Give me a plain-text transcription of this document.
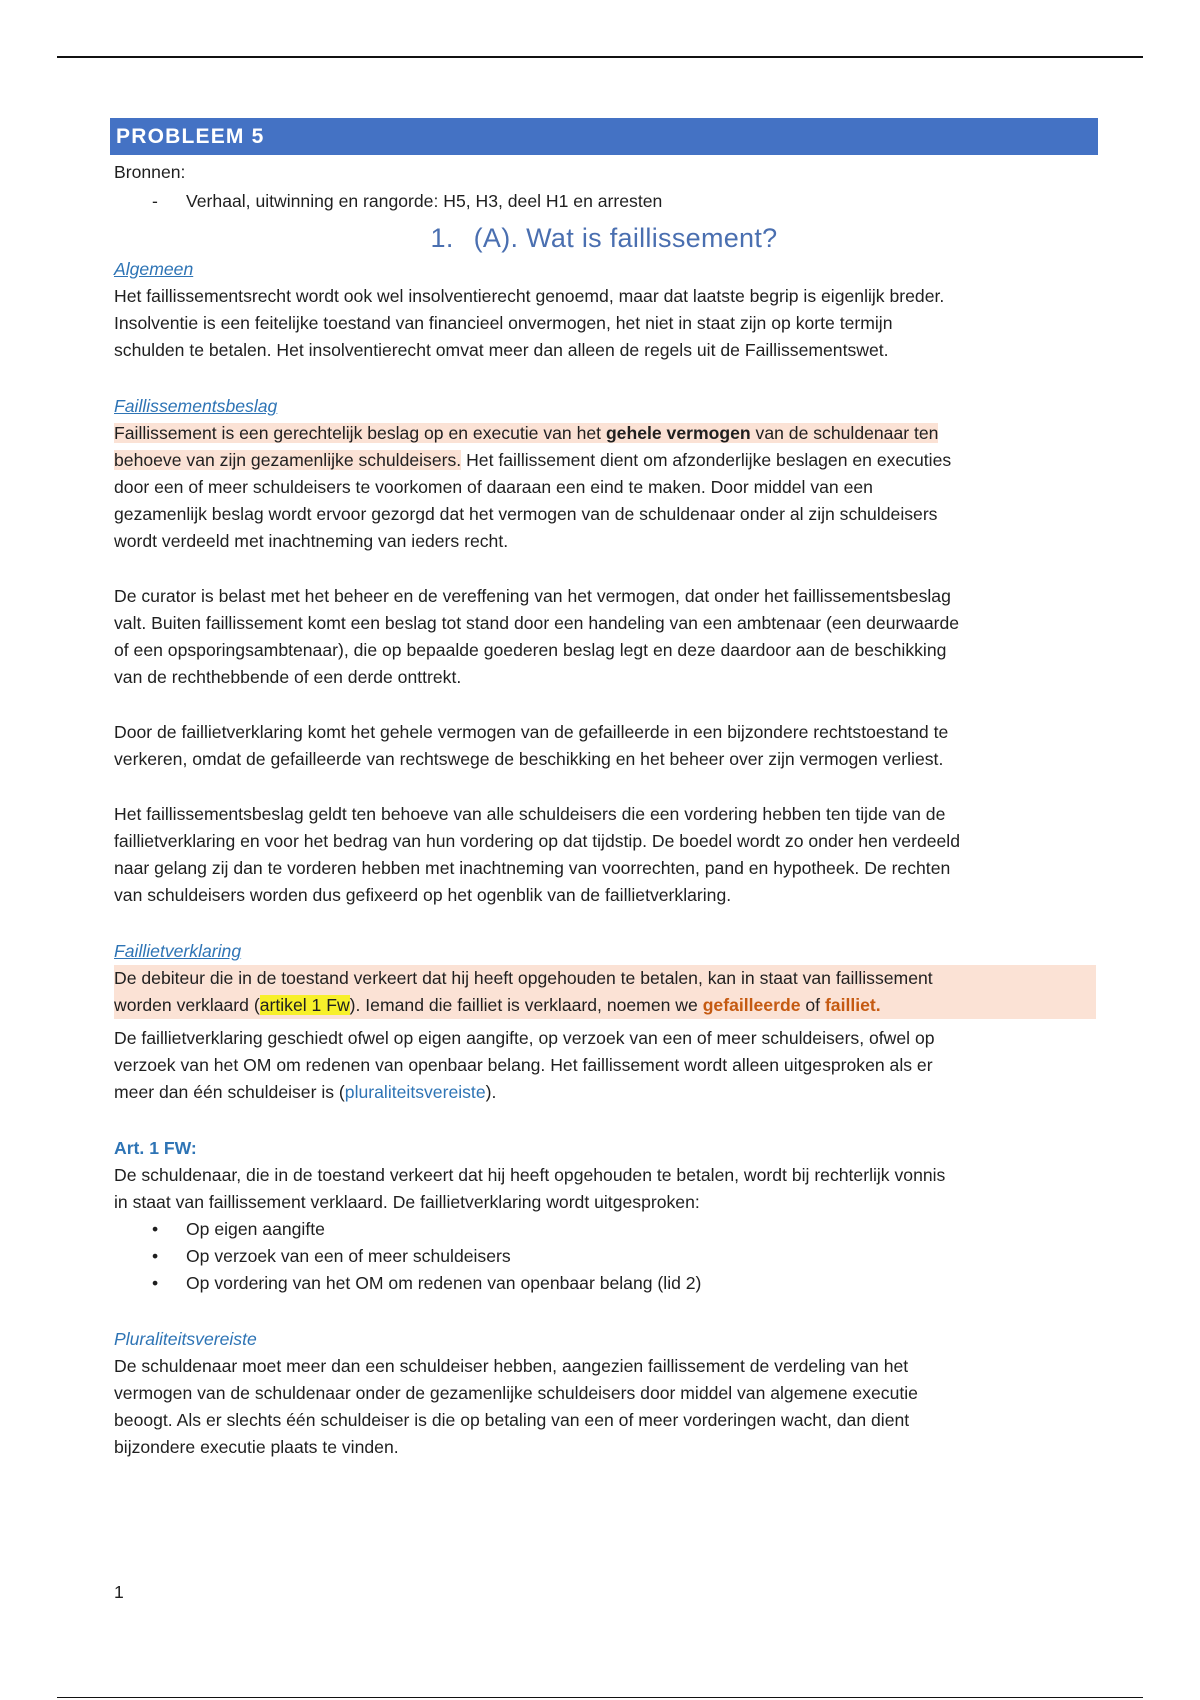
PROBLEEM 5

Bronnen:

-	Verhaal, uitwinning en rangorde: H5, H3, deel H1 en arresten
1. (A). Wat is faillissement?

Algemeen

Het faillissementsrecht wordt ook wel insolventierecht genoemd, maar dat laatste begrip is eigenlijk breder.

Insolventie is een feitelijke toestand van financieel onvermogen, het niet in staat zijn op korte termijn

schulden te betalen. Het insolventierecht omvat meer dan alleen de regels uit de Faillissementswet.

Faillissementsbeslag

Faillissement is een gerechtelijk beslag op en executie van het gehele vermogen van de schuldenaar ten

behoeve van zijn gezamenlijke schuldeisers. Het faillissement dient om afzonderlijke beslagen en executies

door een of meer schuldeisers te voorkomen of daaraan een eind te maken. Door middel van een

gezamenlijk beslag wordt ervoor gezorgd dat het vermogen van de schuldenaar onder al zijn schuldeisers

wordt verdeeld met inachtneming van ieders recht.

De curator is belast met het beheer en de vereffening van het vermogen, dat onder het faillissementsbeslag

valt. Buiten faillissement komt een beslag tot stand door een handeling van een ambtenaar (een deurwaarde

of een opsporingsambtenaar), die op bepaalde goederen beslag legt en deze daardoor aan de beschikking

van de rechthebbende of een derde onttrekt.

Door de faillietverklaring komt het gehele vermogen van de gefailleerde in een bijzondere rechtstoestand te

verkeren, omdat de gefailleerde van rechtswege de beschikking en het beheer over zijn vermogen verliest.

Het faillissementsbeslag geldt ten behoeve van alle schuldeisers die een vordering hebben ten tijde van de

faillietverklaring en voor het bedrag van hun vordering op dat tijdstip. De boedel wordt zo onder hen verdeeld

naar gelang zij dan te vorderen hebben met inachtneming van voorrechten, pand en hypotheek. De rechten

van schuldeisers worden dus gefixeerd op het ogenblik van de faillietverklaring.

Faillietverklaring

De debiteur die in de toestand verkeert dat hij heeft opgehouden te betalen, kan in staat van faillissement

worden verklaard (artikel 1 Fw). Iemand die failliet is verklaard, noemen we gefailleerde of failliet.

De faillietverklaring geschiedt ofwel op eigen aangifte, op verzoek van een of meer schuldeisers, ofwel op

verzoek van het OM om redenen van openbaar belang. Het faillissement wordt alleen uitgesproken als er

meer dan één schuldeiser is (pluraliteitsvereiste).

Art. 1 FW:

De schuldenaar, die in de toestand verkeert dat hij heeft opgehouden te betalen, wordt bij rechterlijk vonnis

in staat van faillissement verklaard. De faillietverklaring wordt uitgesproken:

•	Op eigen aangifte
•	Op verzoek van een of meer schuldeisers
•	Op vordering van het OM om redenen van openbaar belang (lid 2)

Pluraliteitsvereiste

De schuldenaar moet meer dan een schuldeiser hebben, aangezien faillissement de verdeling van het

vermogen van de schuldenaar onder de gezamenlijke schuldeisers door middel van algemene executie

beoogt. Als er slechts één schuldeiser is die op betaling van een of meer vorderingen wacht, dan dient

bijzondere executie plaats te vinden.

1
